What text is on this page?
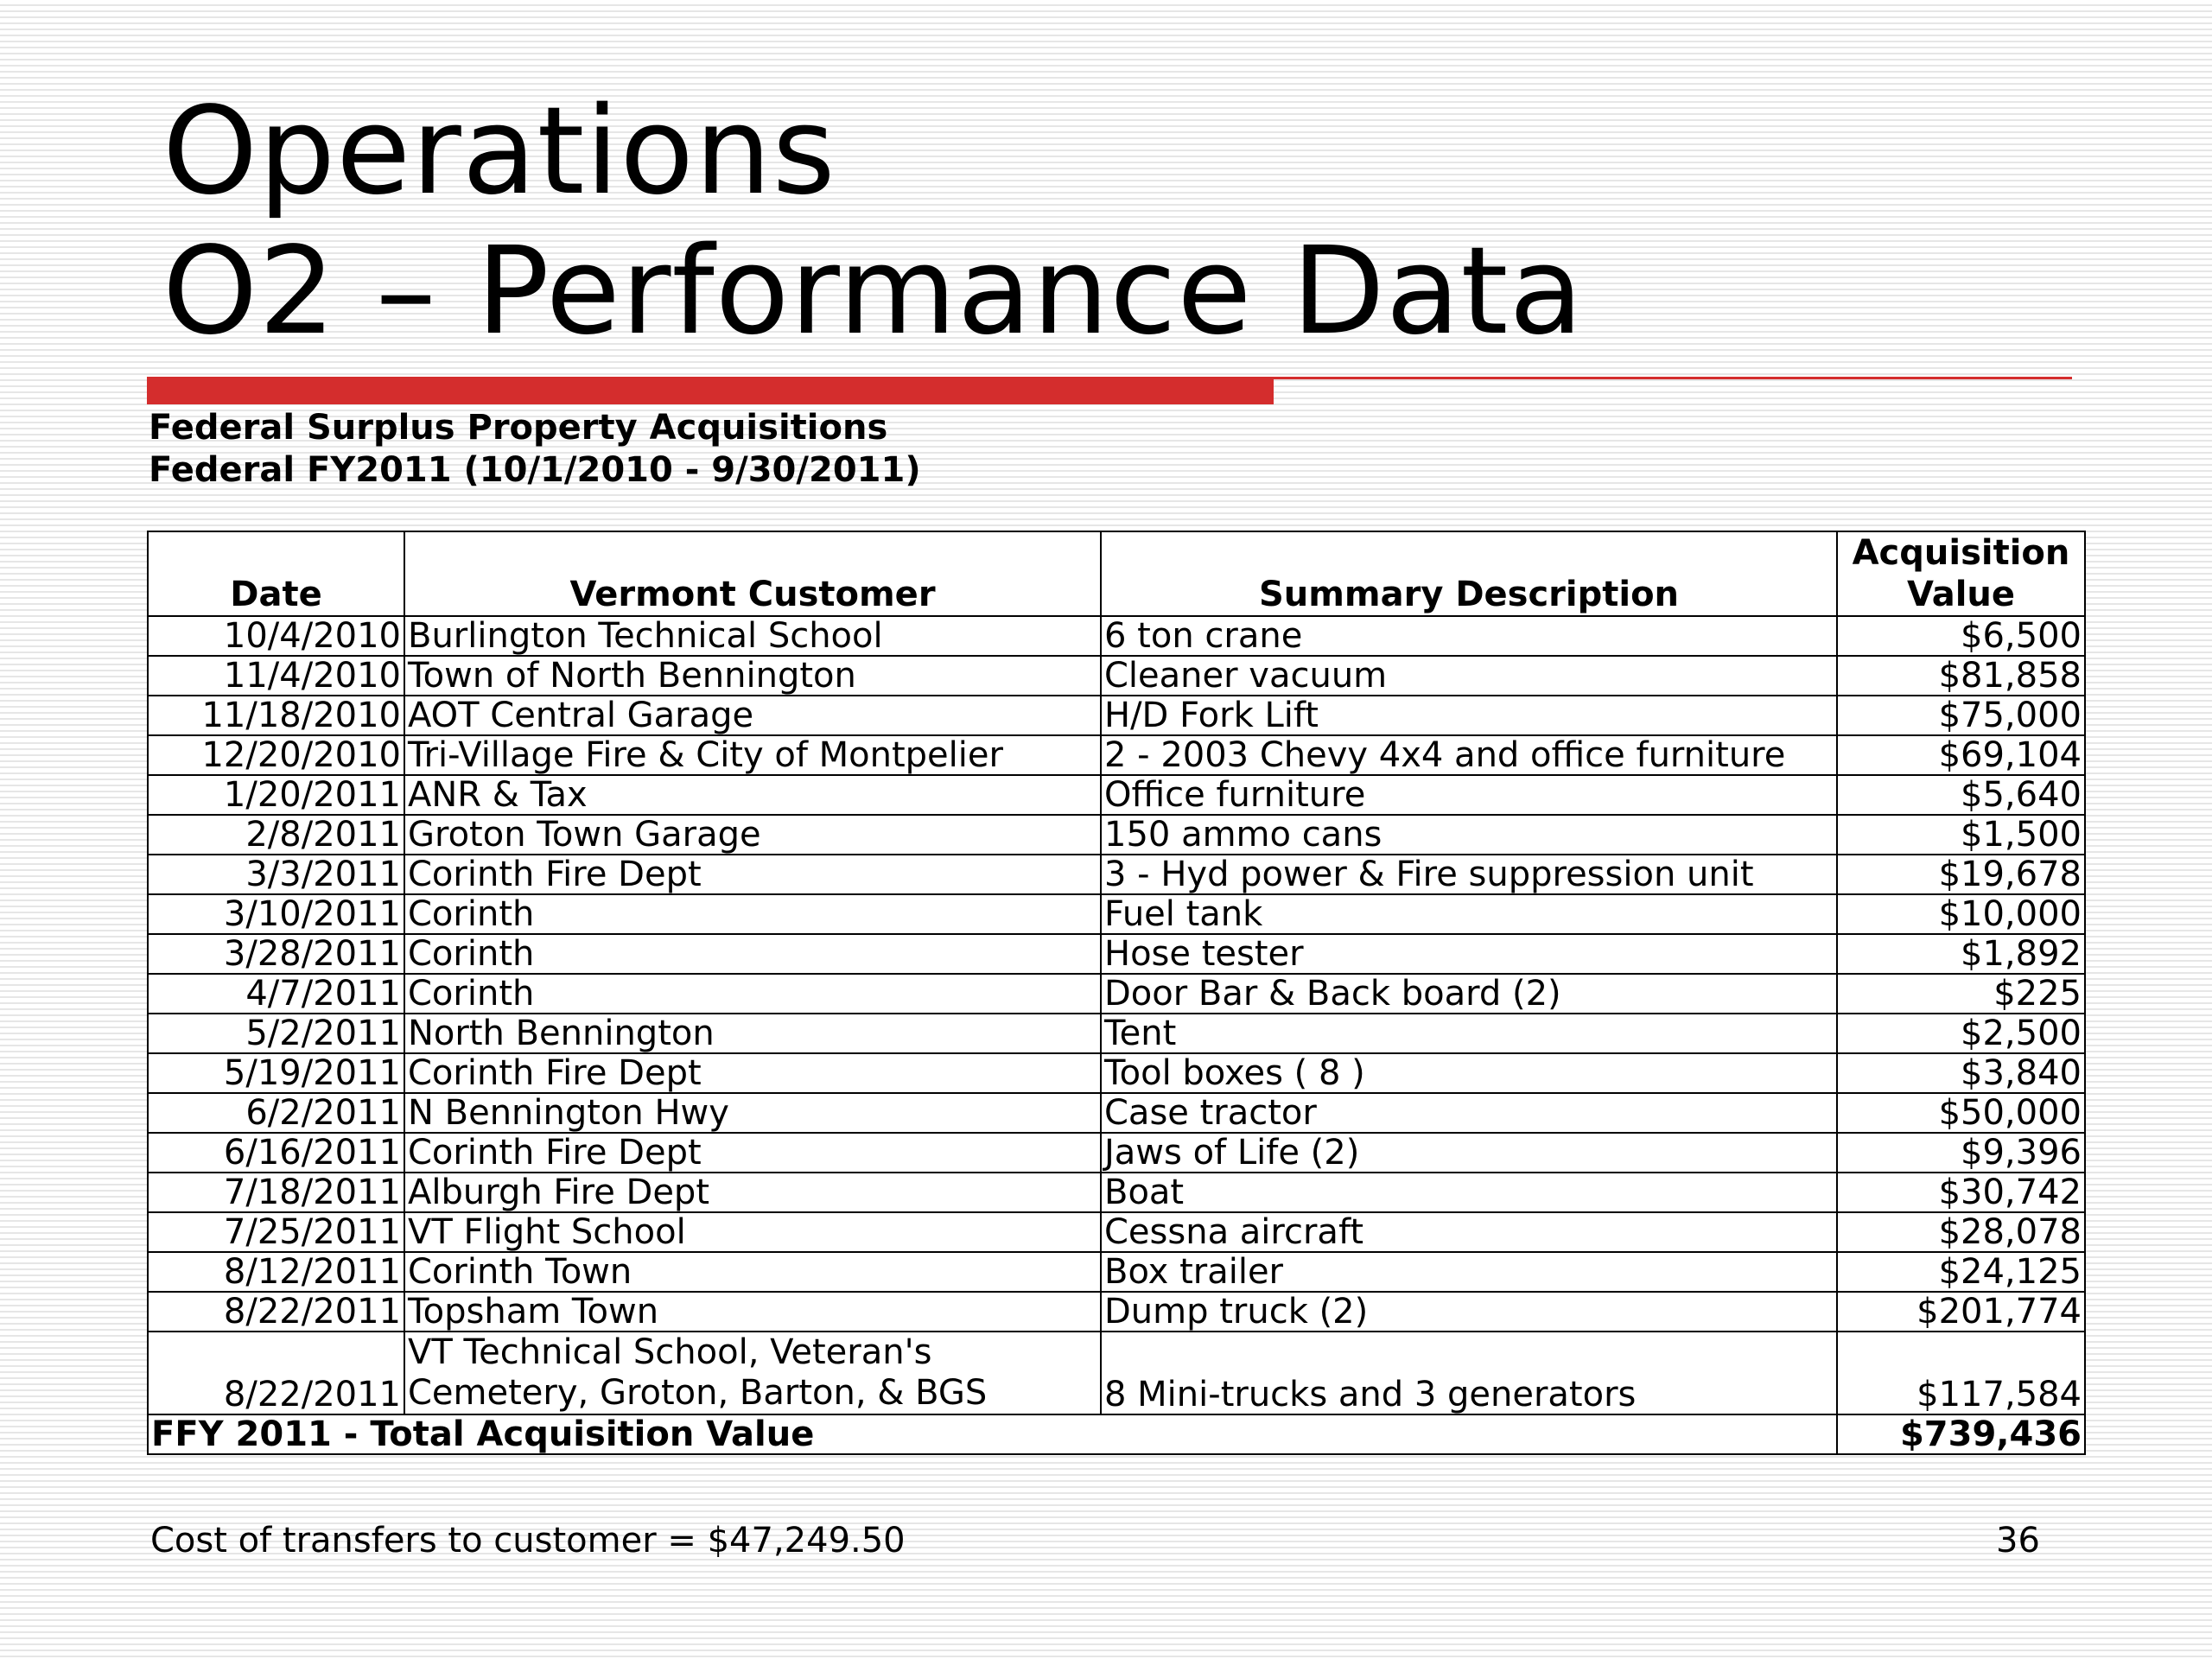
Operations
O2 – Performance Data
Federal Surplus Property Acquisitions
Federal FY2011 (10/1/2010 - 9/30/2011)
Date	Vermont Customer	Summary Description	Acquisition
Value
10/4/2010	Burlington Technical School	6 ton crane	$6,500
11/4/2010	Town of North Bennington	Cleaner vacuum	$81,858
11/18/2010	AOT Central Garage	H/D Fork Lift	$75,000
12/20/2010	Tri-Village Fire & City of Montpelier	2 - 2003 Chevy 4x4 and office furniture	$69,104
1/20/2011	ANR & Tax	Office furniture	$5,640
2/8/2011	Groton Town Garage	150 ammo cans	$1,500
3/3/2011	Corinth Fire Dept	3 - Hyd power & Fire suppression unit	$19,678
3/10/2011	Corinth	Fuel tank	$10,000
3/28/2011	Corinth	Hose tester	$1,892
4/7/2011	Corinth	Door Bar & Back board (2)	$225
5/2/2011	North Bennington	Tent	$2,500
5/19/2011	Corinth Fire Dept	Tool boxes ( 8 )	$3,840
6/2/2011	N Bennington Hwy	Case tractor	$50,000
6/16/2011	Corinth Fire Dept	Jaws of Life (2)	$9,396
7/18/2011	Alburgh Fire Dept	Boat	$30,742
7/25/2011	VT Flight School	Cessna aircraft	$28,078
8/12/2011	Corinth Town	Box trailer	$24,125
8/22/2011	Topsham Town	Dump truck (2)	$201,774
8/22/2011	VT Technical School, Veteran's Cemetery, Groton, Barton, & BGS	8 Mini-trucks and 3 generators	$117,584
FFY 2011 - Total Acquisition Value			$739,436
Cost of transfers to customer = $47,249.50	36
